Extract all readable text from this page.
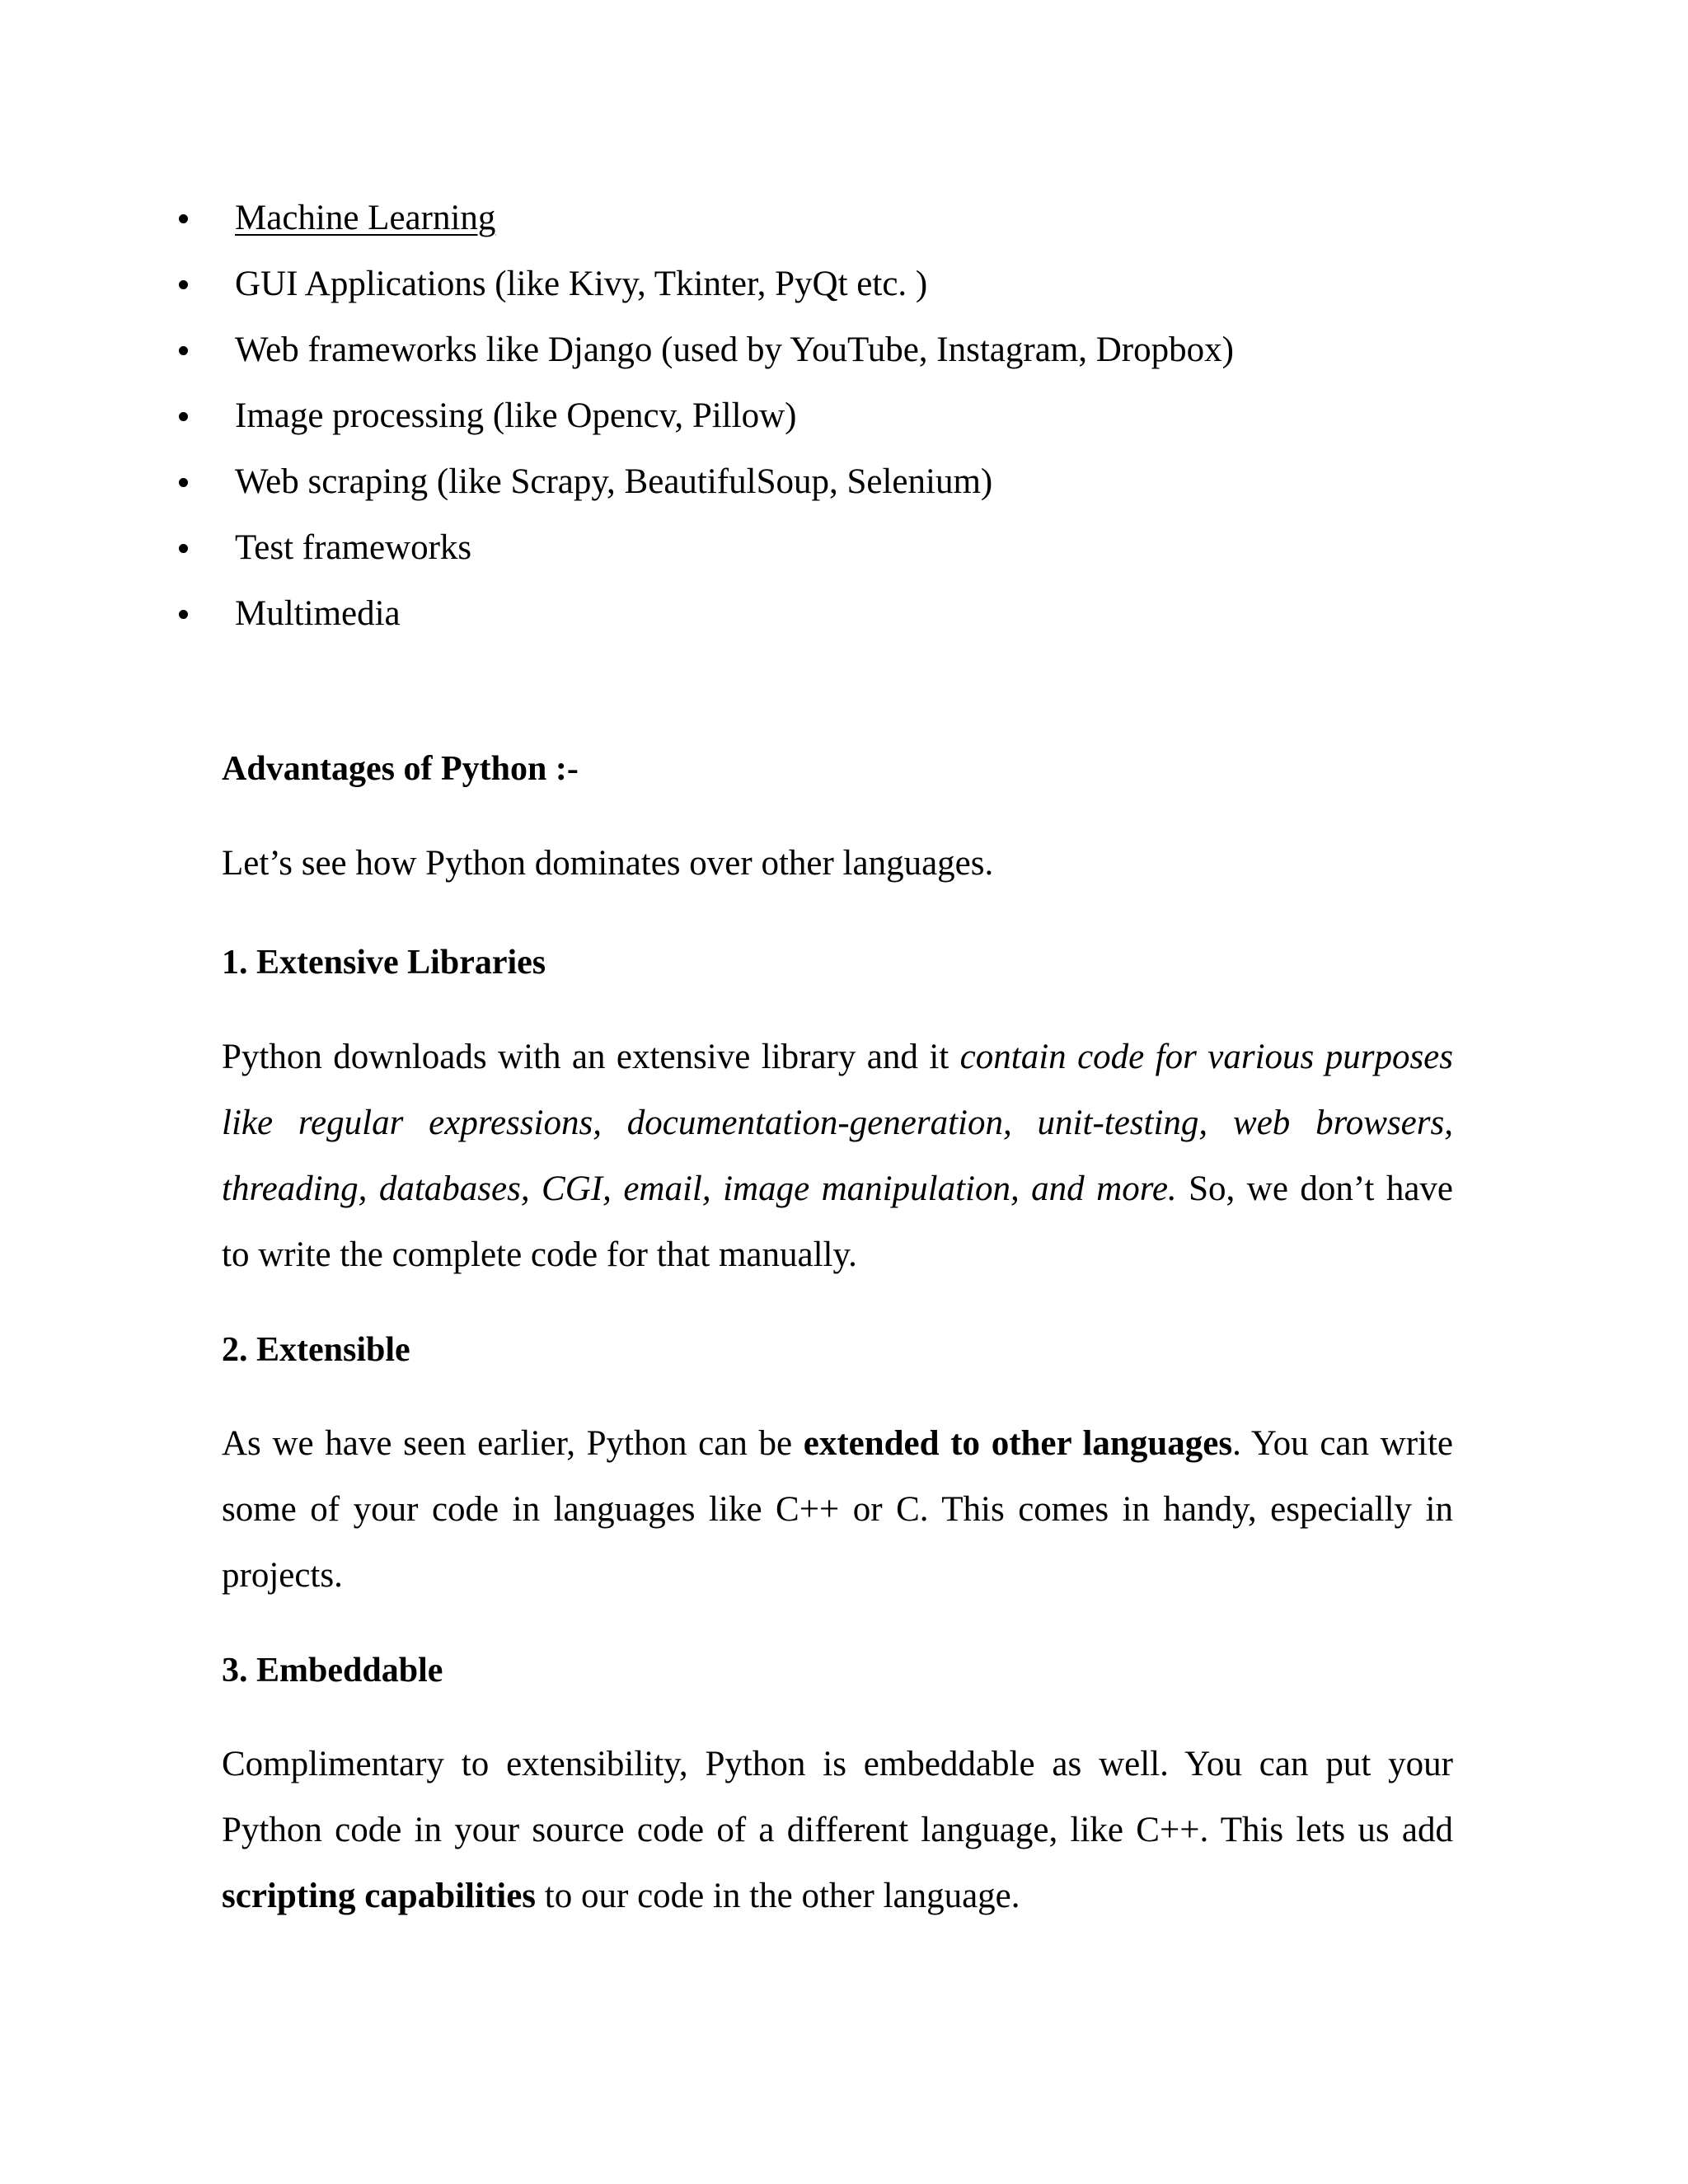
Machine Learning
GUI Applications (like Kivy, Tkinter, PyQt etc. )
Web frameworks like Django (used by YouTube, Instagram, Dropbox)
Image processing (like Opencv, Pillow)
Web scraping (like Scrapy, BeautifulSoup, Selenium)
Test frameworks
Multimedia
Advantages of Python :-

Let’s see how Python dominates over other languages.

1. Extensive Libraries

Python downloads with an extensive library and it contain code for various purposes like regular expressions, documentation-generation, unit-testing, web browsers, threading, databases, CGI, email, image manipulation, and more. So, we don’t have to write the complete code for that manually.

2. Extensible

As we have seen earlier, Python can be extended to other languages. You can write some of your code in languages like C++ or C. This comes in handy, especially in projects.

3. Embeddable

Complimentary to extensibility, Python is embeddable as well. You can put your Python code in your source code of a different language, like C++. This lets us add scripting capabilities to our code in the other language.
